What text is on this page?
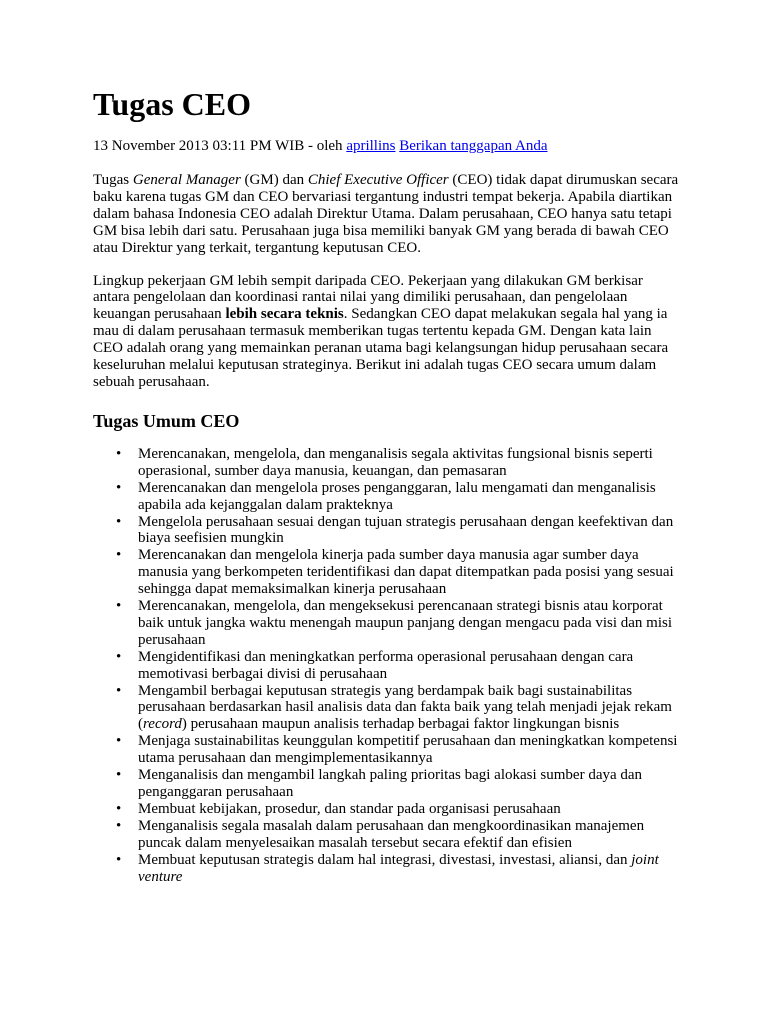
Tugas CEO
13 November 2013 03:11 PM WIB - oleh aprillins Berikan tanggapan Anda

Tugas General Manager (GM) dan Chief Executive Officer (CEO) tidak dapat dirumuskan secara baku karena tugas GM dan CEO bervariasi tergantung industri tempat bekerja. Apabila diartikan dalam bahasa Indonesia CEO adalah Direktur Utama. Dalam perusahaan, CEO hanya satu tetapi GM bisa lebih dari satu. Perusahaan juga bisa memiliki banyak GM yang berada di bawah CEO atau Direktur yang terkait, tergantung keputusan CEO.

Lingkup pekerjaan GM lebih sempit daripada CEO. Pekerjaan yang dilakukan GM berkisar antara pengelolaan dan koordinasi rantai nilai yang dimiliki perusahaan, dan pengelolaan keuangan perusahaan lebih secara teknis. Sedangkan CEO dapat melakukan segala hal yang ia mau di dalam perusahaan termasuk memberikan tugas tertentu kepada GM. Dengan kata lain CEO adalah orang yang memainkan peranan utama bagi kelangsungan hidup perusahaan secara keseluruhan melalui keputusan strateginya. Berikut ini adalah tugas CEO secara umum dalam sebuah perusahaan.

Tugas Umum CEO
• Merencanakan, mengelola, dan menganalisis segala aktivitas fungsional bisnis seperti operasional, sumber daya manusia, keuangan, dan pemasaran
• Merencanakan dan mengelola proses penganggaran, lalu mengamati dan menganalisis apabila ada kejanggalan dalam prakteknya
• Mengelola perusahaan sesuai dengan tujuan strategis perusahaan dengan keefektivan dan biaya seefisien mungkin
• Merencanakan dan mengelola kinerja pada sumber daya manusia agar sumber daya manusia yang berkompeten teridentifikasi dan dapat ditempatkan pada posisi yang sesuai sehingga dapat memaksimalkan kinerja perusahaan
• Merencanakan, mengelola, dan mengeksekusi perencanaan strategi bisnis atau korporat baik untuk jangka waktu menengah maupun panjang dengan mengacu pada visi dan misi perusahaan
• Mengidentifikasi dan meningkatkan performa operasional perusahaan dengan cara memotivasi berbagai divisi di perusahaan
• Mengambil berbagai keputusan strategis yang berdampak baik bagi sustainabilitas perusahaan berdasarkan hasil analisis data dan fakta baik yang telah menjadi jejak rekam (record) perusahaan maupun analisis terhadap berbagai faktor lingkungan bisnis
• Menjaga sustainabilitas keunggulan kompetitif perusahaan dan meningkatkan kompetensi utama perusahaan dan mengimplementasikannya
• Menganalisis dan mengambil langkah paling prioritas bagi alokasi sumber daya dan penganggaran perusahaan
• Membuat kebijakan, prosedur, dan standar pada organisasi perusahaan
• Menganalisis segala masalah dalam perusahaan dan mengkoordinasikan manajemen puncak dalam menyelesaikan masalah tersebut secara efektif dan efisien
• Membuat keputusan strategis dalam hal integrasi, divestasi, investasi, aliansi, dan joint venture
